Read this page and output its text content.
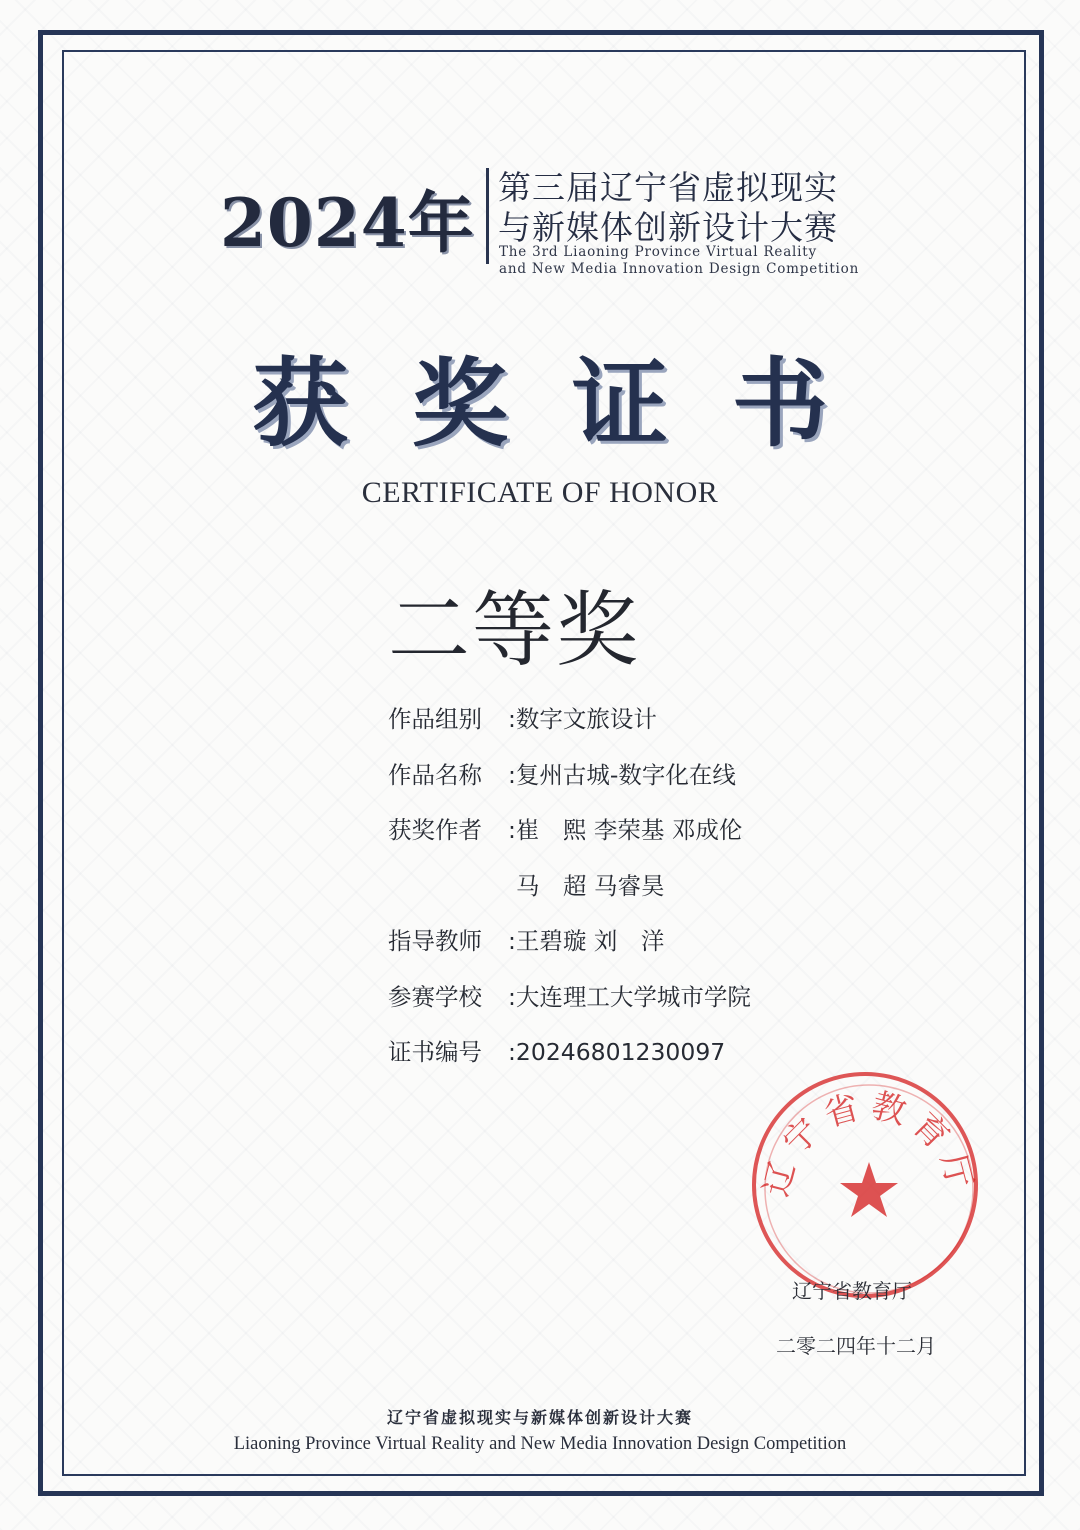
2024年 第三届辽宁省虚拟现实
与新媒体创新设计大赛
The 3rd Liaoning Province Virtual Reality
and New Media Innovation Design Competition
获奖证书
CERTIFICATE OF HONOR
二等奖
作品组别 :数字文旅设计
作品名称 :复州古城-数字化在线
获奖作者 :崔　熙 李荣基 邓成伦
马　超 马睿昊
指导教师 :王碧璇 刘　洋
参赛学校 :大连理工大学城市学院
证书编号 :20246801230097
辽宁省教育厅
辽宁省教育厅
二零二四年十二月
辽宁省虚拟现实与新媒体创新设计大赛
Liaoning Province Virtual Reality and New Media Innovation Design Competition
